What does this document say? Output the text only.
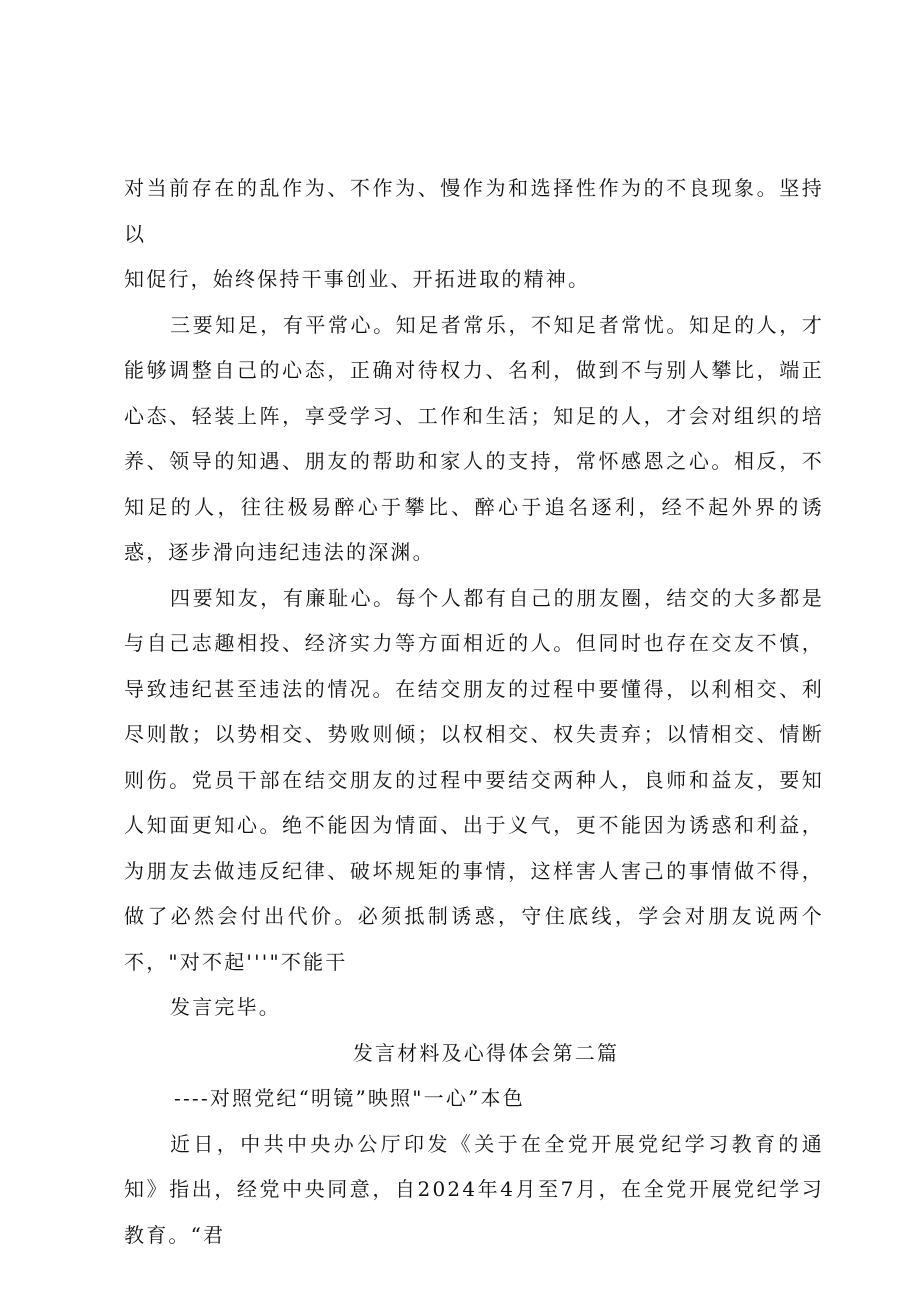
对当前存在的乱作为、不作为、慢作为和选择性作为的不良现象。坚持以
知促行，始终保持干事创业、开拓进取的精神。

三要知足，有平常心。知足者常乐，不知足者常忧。知足的人，才能够调整自己的心态，正确对待权力、名利，做到不与别人攀比，端正心态、轻装上阵，享受学习、工作和生活；知足的人，才会对组织的培养、领导的知遇、朋友的帮助和家人的支持，常怀感恩之心。相反，不知足的人，往往极易醉心于攀比、醉心于追名逐利，经不起外界的诱惑，逐步滑向违纪违法的深渊。

四要知友，有廉耻心。每个人都有自己的朋友圈，结交的大多都是与自己志趣相投、经济实力等方面相近的人。但同时也存在交友不慎，导致违纪甚至违法的情况。在结交朋友的过程中要懂得，以利相交、利尽则散；以势相交、势败则倾；以权相交、权失责弃；以情相交、情断则伤。党员干部在结交朋友的过程中要结交两种人，良师和益友，要知人知面更知心。绝不能因为情面、出于义气，更不能因为诱惑和利益，为朋友去做违反纪律、破坏规矩的事情，这样害人害己的事情做不得，做了必然会付出代价。必须抵制诱惑，守住底线，学会对朋友说两个不，"对不起'''"不能干

发言完毕。

发言材料及心得体会第二篇

----对照党纪“明镜”映照"一心”本色

近日，中共中央办公厅印发《关于在全党开展党纪学习教育的通知》指出，经党中央同意，自2024年4月至7月，在全党开展党纪学习教育。“君
